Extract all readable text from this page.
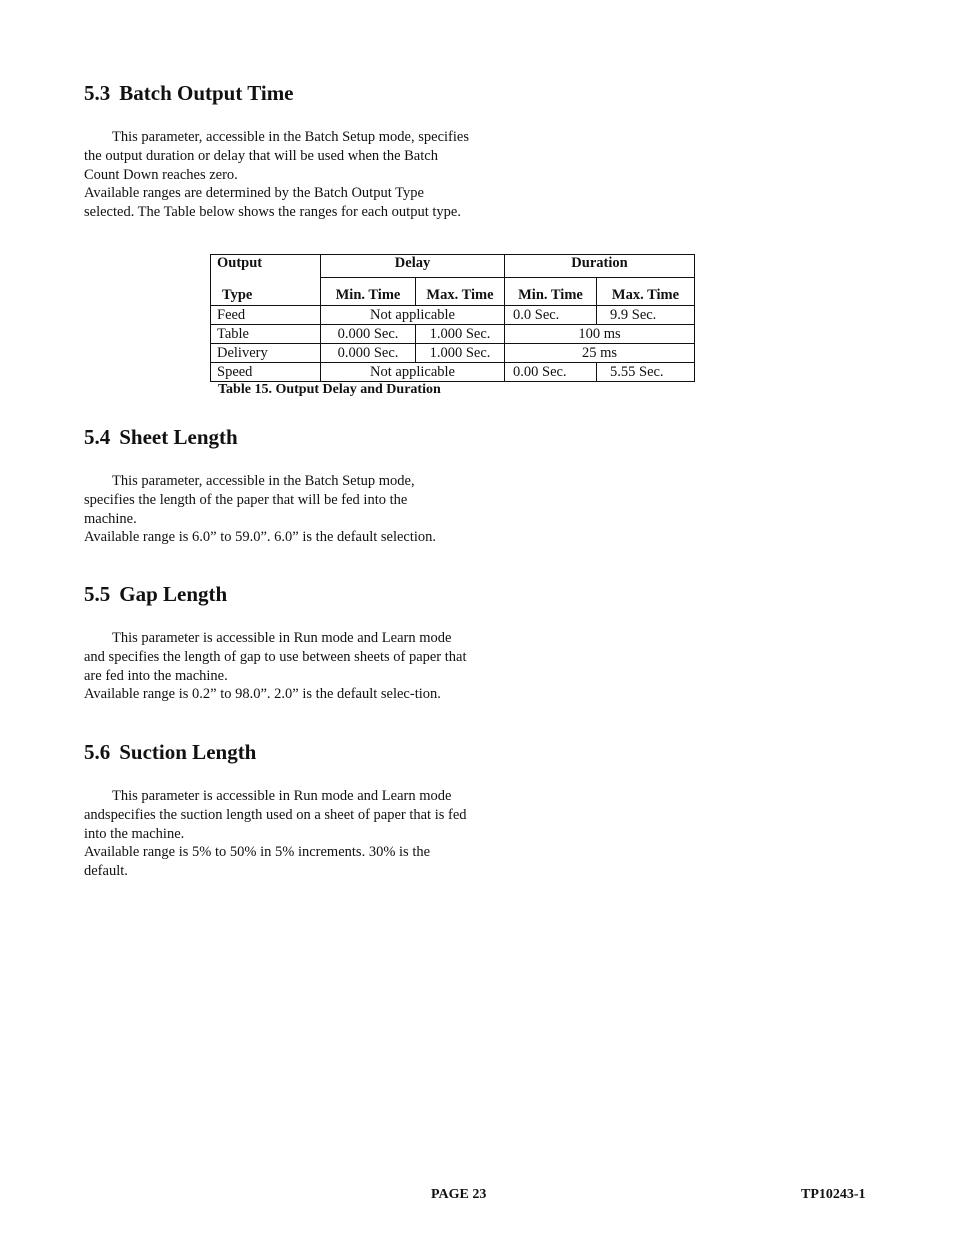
5.3 Batch Output Time

This parameter, accessible in the Batch Setup mode, specifies the output duration or delay that will be used when the Batch Count Down reaches zero.

Available ranges are determined by the Batch Output Type selected. The Table below shows the ranges for each output type.

Output	Delay		Duration	
Type	Min. Time	Max. Time	Min. Time	Max. Time
Feed	Not applicable		0.0 Sec.	9.9 Sec.
Table	0.000 Sec.	1.000 Sec.	100 ms	
Delivery	0.000 Sec.	1.000 Sec.	25 ms	
Speed	Not applicable		0.00 Sec.	5.55 Sec.

Table 15. Output Delay and Duration

5.4 Sheet Length

This parameter, accessible in the Batch Setup mode, specifies the length of the paper that will be fed into the machine.

Available range is 6.0” to 59.0”. 6.0” is the default selection.

5.5 Gap Length

This parameter is accessible in Run mode and Learn mode and specifies the length of gap to use between sheets of paper that are fed into the machine.

Available range is 0.2” to 98.0”. 2.0” is the default selec-tion.

5.6 Suction Length

This parameter is accessible in Run mode and Learn mode andspecifies the suction length used on a sheet of paper that is fed into the machine.

Available range is 5% to 50% in 5% increments. 30% is the default.

PAGE 23	TP10243-1
